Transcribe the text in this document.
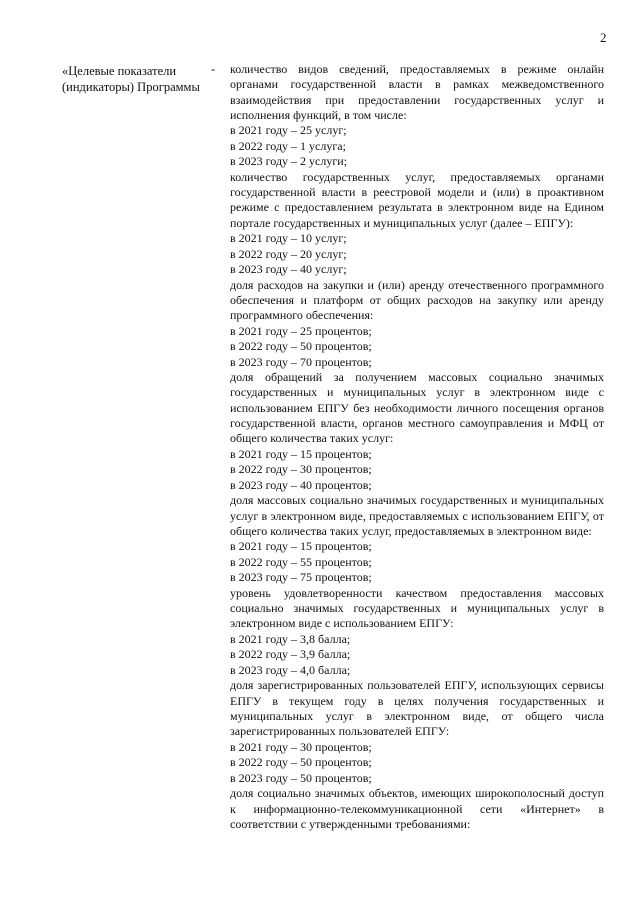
2
«Целевые показатели (индикаторы) Программы
- количество видов сведений, предоставляемых в режиме онлайн органами государственной власти в рамках межведомственного взаимодействия при предоставлении государственных услуг и исполнения функций, в том числе:

в 2021 году – 25 услуг;

в 2022 году – 1 услуга;

в 2023 году – 2 услуги;

количество государственных услуг, предоставляемых органами государственной власти в реестровой модели и (или) в проактивном режиме с предоставлением результата в электронном виде на Едином портале государственных и муниципальных услуг (далее – ЕПГУ):

в 2021 году – 10 услуг;

в 2022 году – 20 услуг;

в 2023 году – 40 услуг;

доля расходов на закупки и (или) аренду отечественного программного обеспечения и платформ от общих расходов на закупку или аренду программного обеспечения:

в 2021 году – 25 процентов;

в 2022 году – 50 процентов;

в 2023 году – 70 процентов;

доля обращений за получением массовых социально значимых государственных и муниципальных услуг в электронном виде с использованием ЕПГУ без необходимости личного посещения органов государственной власти, органов местного самоуправления и МФЦ от общего количества таких услуг:

в 2021 году – 15 процентов;

в 2022 году – 30 процентов;

в 2023 году – 40 процентов;

доля массовых социально значимых государственных и муниципальных услуг в электронном виде, предоставляемых с использованием ЕПГУ, от общего количества таких услуг, предоставляемых в электронном виде:

в 2021 году – 15 процентов;

в 2022 году – 55 процентов;

в 2023 году – 75 процентов;

уровень удовлетворенности качеством предоставления массовых социально значимых государственных и муниципальных услуг в электронном виде с использованием ЕПГУ:

в 2021 году – 3,8 балла;

в 2022 году – 3,9 балла;

в 2023 году – 4,0 балла;

доля зарегистрированных пользователей ЕПГУ, использующих сервисы ЕПГУ в текущем году в целях получения государственных и муниципальных услуг в электронном виде, от общего числа зарегистрированных пользователей ЕПГУ:

в 2021 году – 30 процентов;

в 2022 году – 50 процентов;

в 2023 году – 50 процентов;

доля социально значимых объектов, имеющих широкополосный доступ к информационно-телекоммуникационной сети «Интернет» в соответствии с утвержденными требованиями:
